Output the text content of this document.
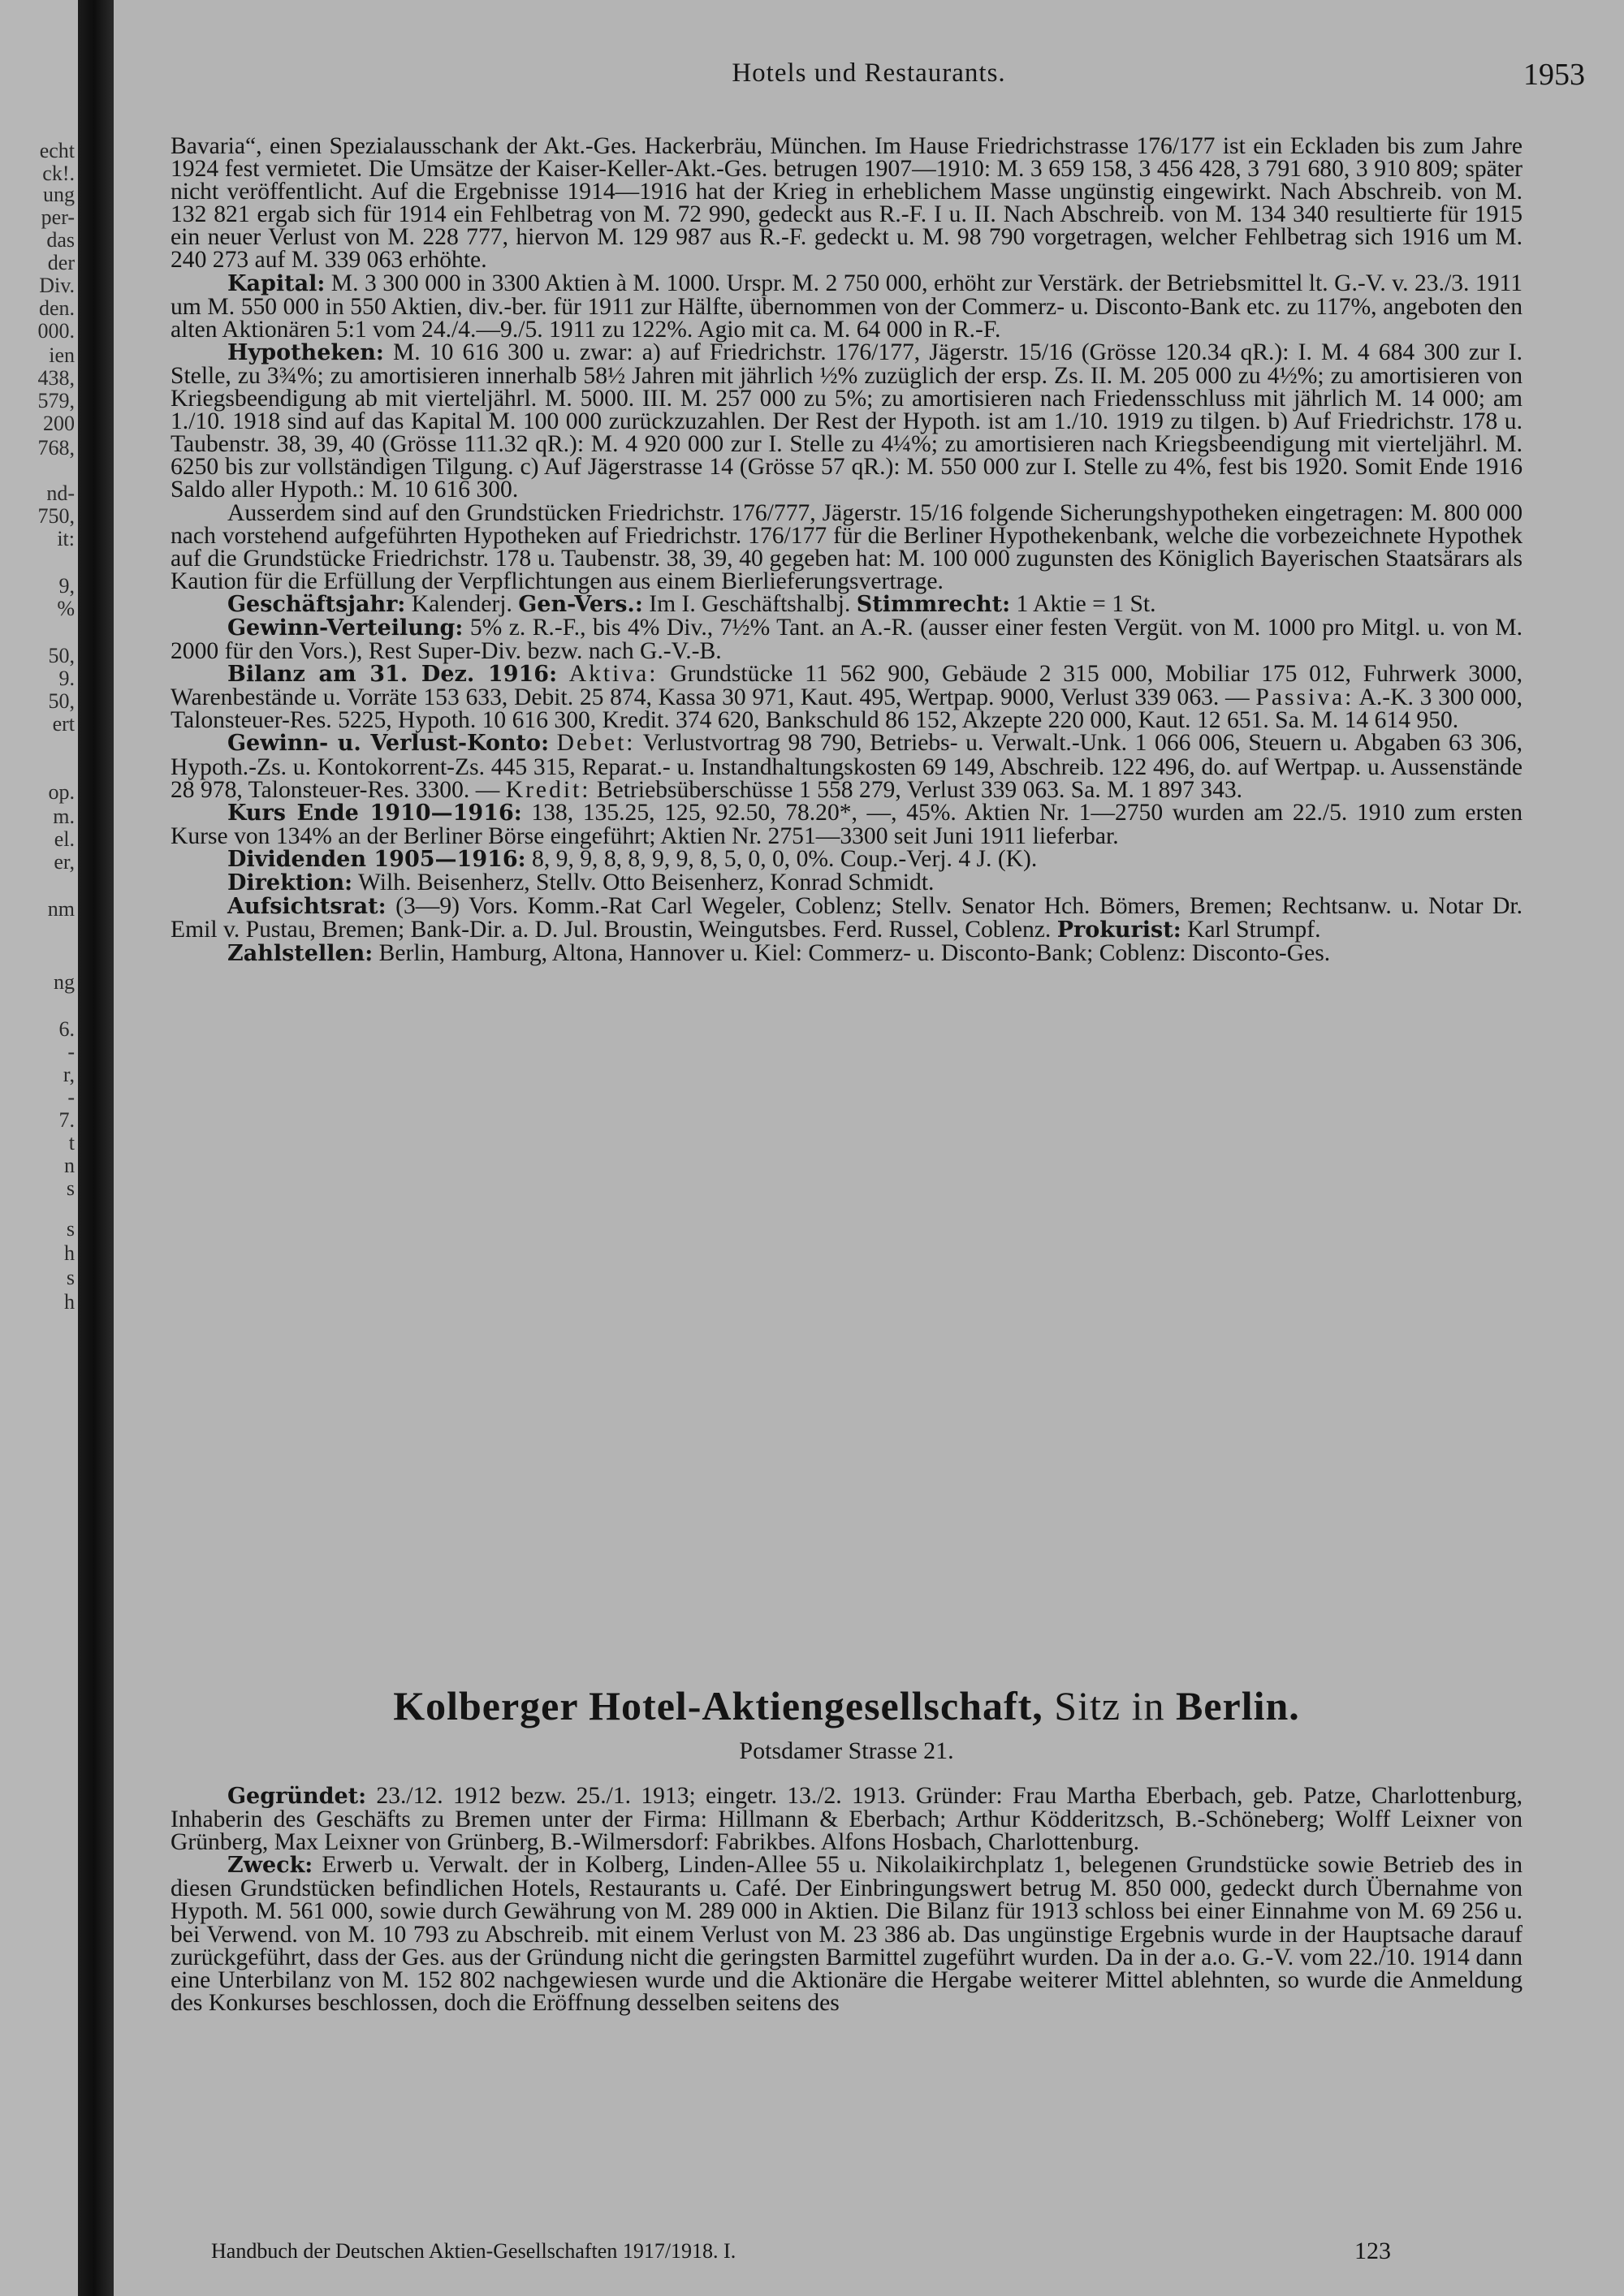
echt
ck!.
ung
per-
das
der
Div.
den.
000.
ien
438,
579,
200
768,
nd-
750,
it:
9,
%
50,
9.
50,
ert
op.
m.
el.
er,
nm
ng
6.
-
r,
-
7.
t
n
s
s
h
s
h
Hotels und Restaurants.	1953

Bavaria“, einen Spezialausschank der Akt.-Ges. Hackerbräu, München. Im Hause Friedrichstrasse 176/177 ist ein Eckladen bis zum Jahre 1924 fest vermietet. Die Umsätze der Kaiser-Keller-Akt.-Ges. betrugen 1907—1910: M. 3 659 158, 3 456 428, 3 791 680, 3 910 809; später nicht veröffentlicht. Auf die Ergebnisse 1914—1916 hat der Krieg in erheblichem Masse ungünstig eingewirkt. Nach Abschreib. von M. 132 821 ergab sich für 1914 ein Fehlbetrag von M. 72 990, gedeckt aus R.-F. I u. II. Nach Abschreib. von M. 134 340 resultierte für 1915 ein neuer Verlust von M. 228 777, hiervon M. 129 987 aus R.-F. gedeckt u. M. 98 790 vorgetragen, welcher Fehlbetrag sich 1916 um M. 240 273 auf M. 339 063 erhöhte.

Kapital: M. 3 300 000 in 3300 Aktien à M. 1000. Urspr. M. 2 750 000, erhöht zur Verstärk. der Betriebsmittel lt. G.-V. v. 23./3. 1911 um M. 550 000 in 550 Aktien, div.-ber. für 1911 zur Hälfte, übernommen von der Commerz- u. Disconto-Bank etc. zu 117%, angeboten den alten Aktionären 5:1 vom 24./4.—9./5. 1911 zu 122%. Agio mit ca. M. 64 000 in R.-F.

Hypotheken: M. 10 616 300 u. zwar: a) auf Friedrichstr. 176/177, Jägerstr. 15/16 (Grösse 120.34 qR.): I. M. 4 684 300 zur I. Stelle, zu 3¾%; zu amortisieren innerhalb 58½ Jahren mit jährlich ½% zuzüglich der ersp. Zs. II. M. 205 000 zu 4½%; zu amortisieren von Kriegsbeendigung ab mit vierteljährl. M. 5000. III. M. 257 000 zu 5%; zu amortisieren nach Friedensschluss mit jährlich M. 14 000; am 1./10. 1918 sind auf das Kapital M. 100 000 zurückzuzahlen. Der Rest der Hypoth. ist am 1./10. 1919 zu tilgen. b) Auf Friedrichstr. 178 u. Taubenstr. 38, 39, 40 (Grösse 111.32 qR.): M. 4 920 000 zur I. Stelle zu 4¼%; zu amortisieren nach Kriegsbeendigung mit vierteljährl. M. 6250 bis zur vollständigen Tilgung. c) Auf Jägerstrasse 14 (Grösse 57 qR.): M. 550 000 zur I. Stelle zu 4%, fest bis 1920. Somit Ende 1916 Saldo aller Hypoth.: M. 10 616 300.

Ausserdem sind auf den Grundstücken Friedrichstr. 176/777, Jägerstr. 15/16 folgende Sicherungshypotheken eingetragen: M. 800 000 nach vorstehend aufgeführten Hypotheken auf Friedrichstr. 176/177 für die Berliner Hypothekenbank, welche die vorbezeichnete Hypothek auf die Grundstücke Friedrichstr. 178 u. Taubenstr. 38, 39, 40 gegeben hat: M. 100 000 zugunsten des Königlich Bayerischen Staatsärars als Kaution für die Erfüllung der Verpflichtungen aus einem Bierlieferungsvertrage.

Geschäftsjahr: Kalenderj. Gen-Vers.: Im I. Geschäftshalbj. Stimmrecht: 1 Aktie = 1 St.

Gewinn-Verteilung: 5% z. R.-F., bis 4% Div., 7½% Tant. an A.-R. (ausser einer festen Vergüt. von M. 1000 pro Mitgl. u. von M. 2000 für den Vors.), Rest Super-Div. bezw. nach G.-V.-B.

Bilanz am 31. Dez. 1916: Aktiva: Grundstücke 11 562 900, Gebäude 2 315 000, Mobiliar 175 012, Fuhrwerk 3000, Warenbestände u. Vorräte 153 633, Debit. 25 874, Kassa 30 971, Kaut. 495, Wertpap. 9000, Verlust 339 063. — Passiva: A.-K. 3 300 000, Talonsteuer-Res. 5225, Hypoth. 10 616 300, Kredit. 374 620, Bankschuld 86 152, Akzepte 220 000, Kaut. 12 651. Sa. M. 14 614 950.

Gewinn- u. Verlust-Konto: Debet: Verlustvortrag 98 790, Betriebs- u. Verwalt.-Unk. 1 066 006, Steuern u. Abgaben 63 306, Hypoth.-Zs. u. Kontokorrent-Zs. 445 315, Reparat.- u. Instandhaltungskosten 69 149, Abschreib. 122 496, do. auf Wertpap. u. Aussenstände 28 978, Talonsteuer-Res. 3300. — Kredit: Betriebsüberschüsse 1 558 279, Verlust 339 063. Sa. M. 1 897 343.

Kurs Ende 1910—1916: 138, 135.25, 125, 92.50, 78.20*, —, 45%. Aktien Nr. 1—2750 wurden am 22./5. 1910 zum ersten Kurse von 134% an der Berliner Börse eingeführt; Aktien Nr. 2751—3300 seit Juni 1911 lieferbar.

Dividenden 1905—1916: 8, 9, 9, 8, 8, 9, 9, 8, 5, 0, 0, 0%. Coup.-Verj. 4 J. (K).

Direktion: Wilh. Beisenherz, Stellv. Otto Beisenherz, Konrad Schmidt.

Aufsichtsrat: (3—9) Vors. Komm.-Rat Carl Wegeler, Coblenz; Stellv. Senator Hch. Bömers, Bremen; Rechtsanw. u. Notar Dr. Emil v. Pustau, Bremen; Bank-Dir. a. D. Jul. Broustin, Weingutsbes. Ferd. Russel, Coblenz. Prokurist: Karl Strumpf.

Zahlstellen: Berlin, Hamburg, Altona, Hannover u. Kiel: Commerz- u. Disconto-Bank; Coblenz: Disconto-Ges.

Kolberger Hotel-Aktiengesellschaft, Sitz in Berlin.
Potsdamer Strasse 21.

Gegründet: 23./12. 1912 bezw. 25./1. 1913; eingetr. 13./2. 1913. Gründer: Frau Martha Eberbach, geb. Patze, Charlottenburg, Inhaberin des Geschäfts zu Bremen unter der Firma: Hillmann & Eberbach; Arthur Ködderitzsch, B.-Schöneberg; Wolff Leixner von Grünberg, Max Leixner von Grünberg, B.-Wilmersdorf: Fabrikbes. Alfons Hosbach, Charlottenburg.

Zweck: Erwerb u. Verwalt. der in Kolberg, Linden-Allee 55 u. Nikolaikirchplatz 1, belegenen Grundstücke sowie Betrieb des in diesen Grundstücken befindlichen Hotels, Restaurants u. Café. Der Einbringungswert betrug M. 850 000, gedeckt durch Übernahme von Hypoth. M. 561 000, sowie durch Gewährung von M. 289 000 in Aktien. Die Bilanz für 1913 schloss bei einer Einnahme von M. 69 256 u. bei Verwend. von M. 10 793 zu Abschreib. mit einem Verlust von M. 23 386 ab. Das ungünstige Ergebnis wurde in der Hauptsache darauf zurückgeführt, dass der Ges. aus der Gründung nicht die geringsten Barmittel zugeführt wurden. Da in der a.o. G.-V. vom 22./10. 1914 dann eine Unterbilanz von M. 152 802 nachgewiesen wurde und die Aktionäre die Hergabe weiterer Mittel ablehnten, so wurde die Anmeldung des Konkurses beschlossen, doch die Eröffnung desselben seitens des

Handbuch der Deutschen Aktien-Gesellschaften 1917/1918. I.	123
